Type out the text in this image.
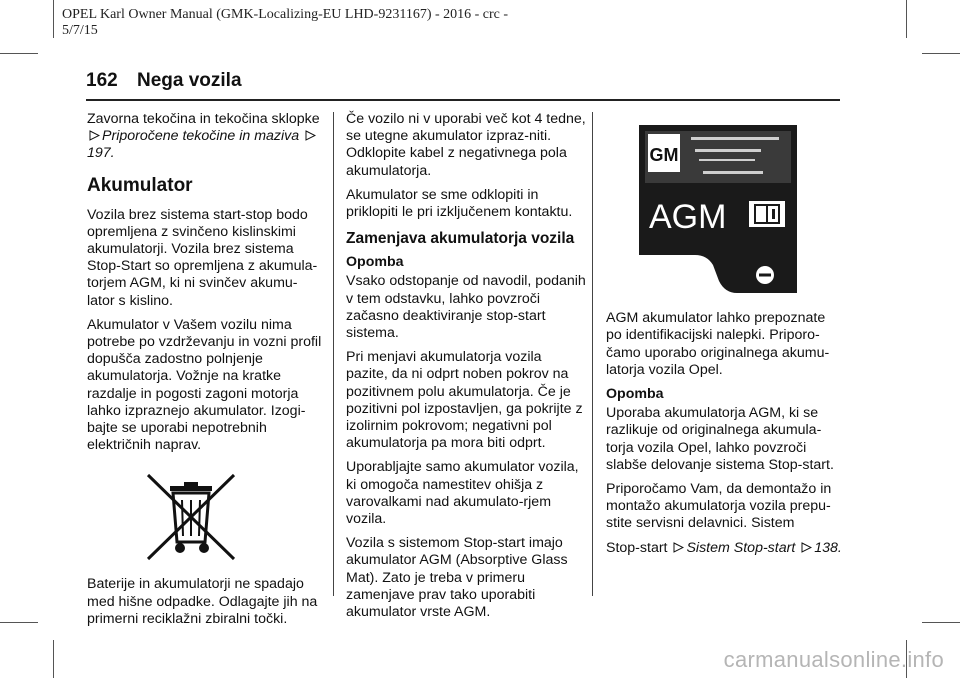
OPEL Karl Owner Manual (GMK-Localizing-EU LHD-9231167) - 2016 - crc -
5/7/15
162 Nega vozila

Zavorna tekočina in tekočina sklopke Priporočene tekočine in maziva 197.

Akumulator

Vozila brez sistema start-stop bodo opremljena z svinčeno kislinskimi akumulatorji. Vozila brez sistema Stop-Start so opremljena z akumula-torjem AGM, ki ni svinčev akumu-lator s kislino.

Akumulator v Vašem vozilu nima potrebe po vzdrževanju in vozni profil dopušča zadostno polnjenje akumulatorja. Vožnje na kratke razdalje in pogosti zagoni motorja lahko izpraznejo akumulator. Izogi-bajte se uporabi nepotrebnih električnih naprav.

Baterije in akumulatorji ne spadajo med hišne odpadke. Odlagajte jih na primerni reciklažni zbiralni točki.

Če vozilo ni v uporabi več kot 4 tedne, se utegne akumulator izpraz-niti. Odklopite kabel z negativnega pola akumulatorja.

Akumulator se sme odklopiti in priklopiti le pri izključenem kontaktu.

Zamenjava akumulatorja vozila
Opomba

Vsako odstopanje od navodil, podanih v tem odstavku, lahko povzroči začasno deaktiviranje stop-start sistema.

Pri menjavi akumulatorja vozila pazite, da ni odprt noben pokrov na pozitivnem polu akumulatorja. Če je pozitivni pol izpostavljen, ga pokrijte z izolirnim pokrovom; negativni pol akumulatorja pa mora biti odprt.

Uporabljajte samo akumulator vozila, ki omogoča namestitev ohišja z varovalkami nad akumulato-rjem vozila.

Vozila s sistemom Stop-start imajo akumulator AGM (Absorptive Glass Mat). Zato je treba v primeru zamenjave prav tako uporabiti akumulator vrste AGM.

GM
AGM

AGM akumulator lahko prepoznate po identifikacijski nalepki. Priporo-čamo uporabo originalnega akumu-latorja vozila Opel.

Opomba

Uporaba akumulatorja AGM, ki se razlikuje od originalnega akumula-torja vozila Opel, lahko povzroči slabše delovanje sistema Stop-start.

Priporočamo Vam, da demontažo in montažo akumulatorja vozila prepu-stite servisni delavnici. Sistem

Stop-start Sistem Stop-start 138.

carmanualsonline.info
